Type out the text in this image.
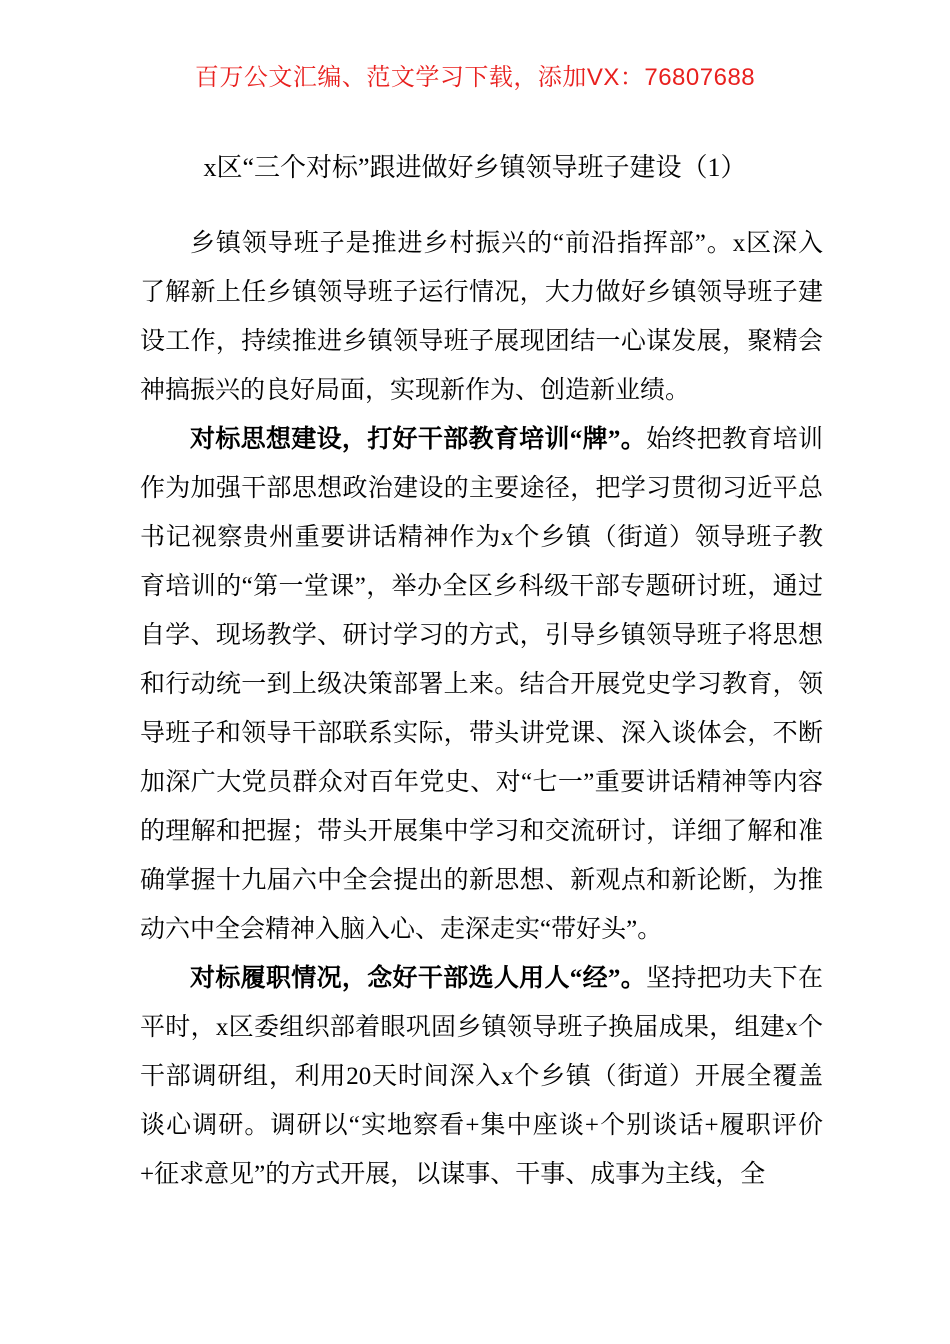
百万公文汇编、范文学习下载，添加VX：76807688
x区“三个对标”跟进做好乡镇领导班子建设（1）

乡镇领导班子是推进乡村振兴的“前沿指挥部”。x区深入了解新上任乡镇领导班子运行情况，大力做好乡镇领导班子建设工作，持续推进乡镇领导班子展现团结一心谋发展，聚精会神搞振兴的良好局面，实现新作为、创造新业绩。

对标思想建设，打好干部教育培训“牌”。始终把教育培训作为加强干部思想政治建设的主要途径，把学习贯彻习近平总书记视察贵州重要讲话精神作为x个乡镇（街道）领导班子教育培训的“第一堂课”，举办全区乡科级干部专题研讨班，通过自学、现场教学、研讨学习的方式，引导乡镇领导班子将思想和行动统一到上级决策部署上来。结合开展党史学习教育，领导班子和领导干部联系实际，带头讲党课、深入谈体会，不断加深广大党员群众对百年党史、对“七一”重要讲话精神等内容的理解和把握；带头开展集中学习和交流研讨，详细了解和准确掌握十九届六中全会提出的新思想、新观点和新论断，为推动六中全会精神入脑入心、走深走实“带好头”。

对标履职情况，念好干部选人用人“经”。坚持把功夫下在平时，x区委组织部着眼巩固乡镇领导班子换届成果，组建x个干部调研组，利用20天时间深入x个乡镇（街道）开展全覆盖谈心调研。调研以“实地察看+集中座谈+个别谈话+履职评价+征求意见”的方式开展，以谋事、干事、成事为主线，全
